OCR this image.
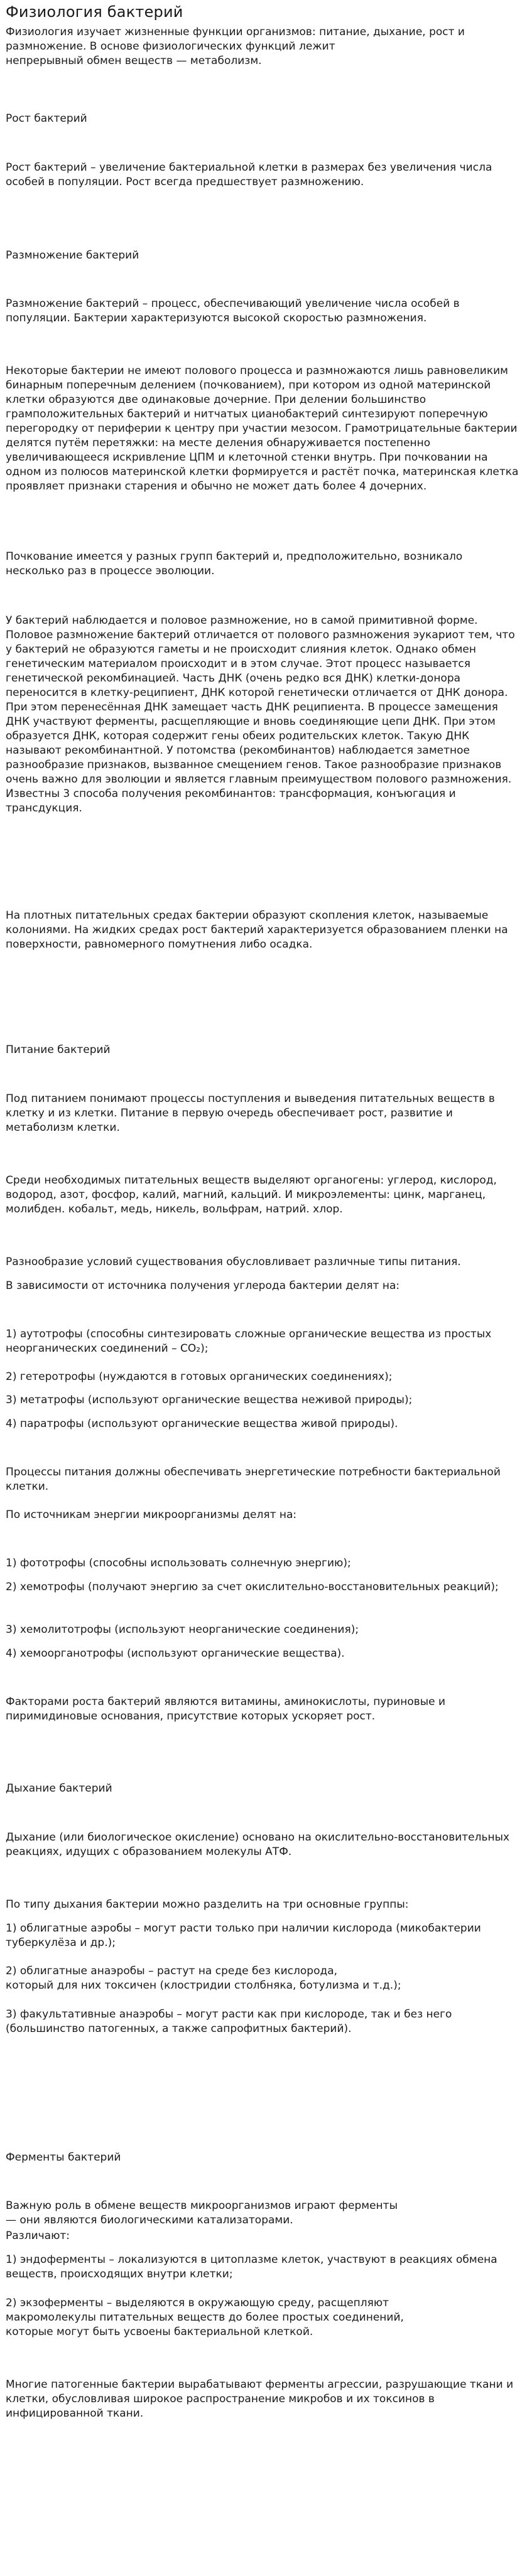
Физиология бактерий

Физиология изучает жизненные функции организмов: питание, дыхание, рост и размножение. В основе физиологических функций лежит
непрерывный обмен веществ — метаболизм.

Рост бактерий

Рост бактерий – увеличение бактериальной клетки в размерах без увеличения числа особей в популяции. Рост всегда предшествует размножению.

Размножение бактерий

Размножение бактерий – процесс, обеспечивающий увеличение числа особей в популяции. Бактерии характеризуются высокой скоростью размножения.

Некоторые бактерии не имеют полового процесса и размножаются лишь равновеликим бинарным поперечным делением (почкованием), при котором из одной материнской клетки образуются две одинаковые дочерние. При делении большинство грамположительных бактерий и нитчатых цианобактерий синтезируют поперечную перегородку от периферии к центру при участии мезосом. Грамотрицательные бактерии делятся путём перетяжки: на месте деления обнаруживается постепенно увеличивающееся искривление ЦПМ и клеточной стенки внутрь. При почковании на одном из полюсов материнской клетки формируется и растёт почка, материнская клетка проявляет признаки старения и обычно не может дать более 4 дочерних.

Почкование имеется у разных групп бактерий и, предположительно, возникало несколько раз в процессе эволюции.

У бактерий наблюдается и половое размножение, но в самой примитивной форме. Половое размножение бактерий отличается от полового размножения эукариот тем, что у бактерий не образуются гаметы и не происходит слияния клеток. Однако обмен генетическим материалом происходит и в этом случае. Этот процесс называется генетической рекомбинацией. Часть ДНК (очень редко вся ДНК) клетки-донора переносится в клетку-реципиент, ДНК которой генетически отличается от ДНК донора. При этом перенесённая ДНК замещает часть ДНК реципиента. В процессе замещения ДНК участвуют ферменты, расщепляющие и вновь соединяющие цепи ДНК. При этом образуется ДНК, которая содержит гены обеих родительских клеток. Такую ДНК называют рекомбинантной. У потомства (рекомбинантов) наблюдается заметное разнообразие признаков, вызванное смещением генов. Такое разнообразие признаков очень важно для эволюции и является главным преимуществом полового размножения. Известны 3 способа получения рекомбинантов: трансформация, конъюгация и трансдукция.

На плотных питательных средах бактерии образуют скопления клеток, называемые колониями. На жидких средах рост бактерий характеризуется образованием пленки на поверхности, равномерного помутнения либо осадка.

Питание бактерий

Под питанием понимают процессы поступления и выведения питательных веществ в клетку и из клетки. Питание в первую очередь обеспечивает рост, развитие и метаболизм клетки.

Среди необходимых питательных веществ выделяют органогены: углерод, кислород, водород, азот, фосфор, калий, магний, кальций. И микроэлементы: цинк, марганец, молибден. кобальт, медь, никель, вольфрам, натрий. хлор.

Разнообразие условий существования обусловливает различные типы питания.

В зависимости от источника получения углерода бактерии делят на:

1) аутотрофы (способны синтезировать сложные органические вещества из простых неорганических соединений – CO₂);

2) гетеротрофы (нуждаются в готовых органических соединениях);

3) метатрофы (используют органические вещества неживой природы);

4) паратрофы (используют органические вещества живой природы).

Процессы питания должны обеспечивать энергетические потребности бактериальной клетки.

По источникам энергии микроорганизмы делят на:

1) фототрофы (способны использовать солнечную энергию);

2) хемотрофы (получают энергию за счет окислительно-восстановительных реакций);

3) хемолитотрофы (используют неорганические соединения);

4) хемоорганотрофы (используют органические вещества).

Факторами роста бактерий являются витамины, аминокислоты, пуриновые и пиримидиновые основания, присутствие которых ускоряет рост.

Дыхание бактерий

Дыхание (или биологическое окисление) основано на окислительно-восстановительных реакциях, идущих с образованием молекулы АТФ.

По типу дыхания бактерии можно разделить на три основные группы:

1) облигатные аэробы – могут расти только при наличии кислорода (микобактерии туберкулёза и др.);

2) облигатные анаэробы – растут на среде без кислорода,
который для них токсичен (клостридии столбняка, ботулизма и т.д.);

3) факультативные анаэробы – могут расти как при кислороде, так и без него (большинство патогенных, а также сапрофитных бактерий).

Ферменты бактерий

Важную роль в обмене веществ микроорганизмов играют ферменты
— они являются биологическими катализаторами.

Различают:

1) эндоферменты – локализуются в цитоплазме клеток, участвуют в реакциях обмена веществ, происходящих внутри клетки;

2) экзоферменты – выделяются в окружающую среду, расщепляют
макромолекулы питательных веществ до более простых соединений,
которые могут быть усвоены бактериальной клеткой.

Многие патогенные бактерии вырабатывают ферменты агрессии, разрушающие ткани и клетки, обусловливая широкое распространение микробов и их токсинов в инфицированной ткани.
